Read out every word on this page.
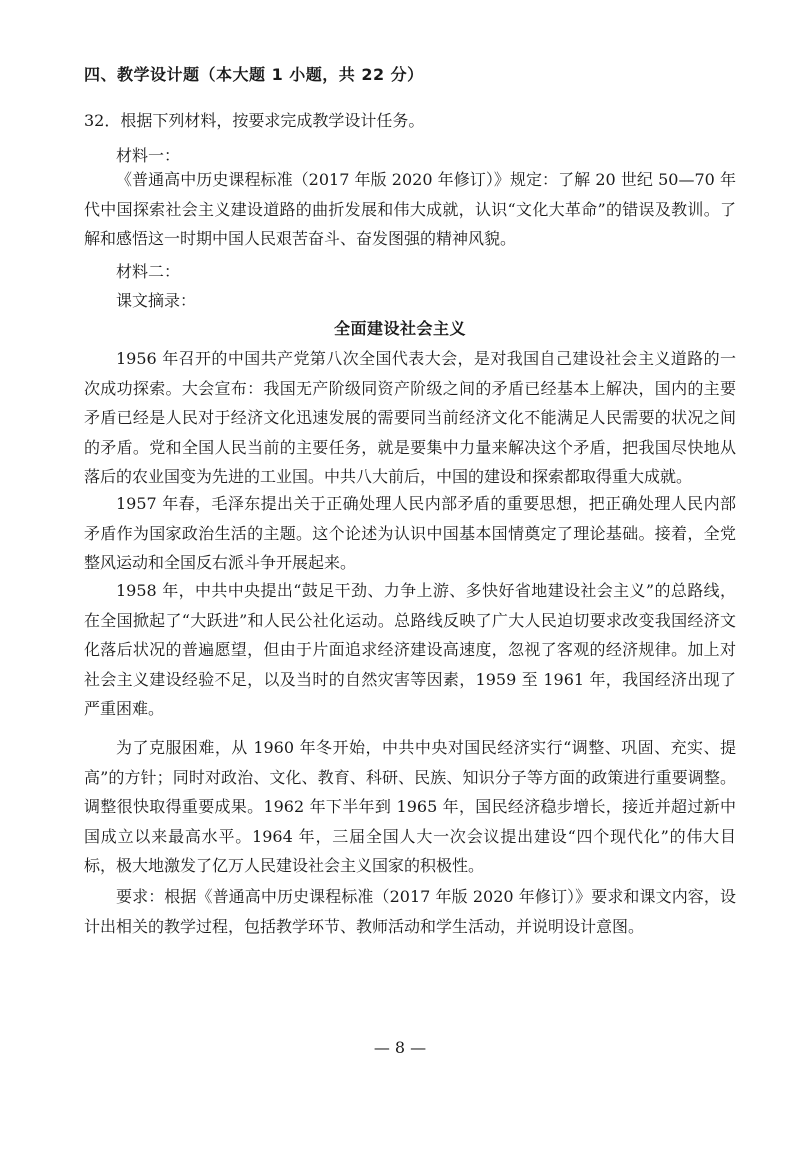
四、教学设计题（本大题 1 小题，共 22 分）
32．根据下列材料，按要求完成教学设计任务。
材料一：

《普通高中历史课程标准（2017 年版 2020 年修订）》规定：了解 20 世纪 50—70 年代中国探索社会主义建设道路的曲折发展和伟大成就，认识“文化大革命”的错误及教训。了解和感悟这一时期中国人民艰苦奋斗、奋发图强的精神风貌。

材料二：
课文摘录：
全面建设社会主义

1956 年召开的中国共产党第八次全国代表大会，是对我国自己建设社会主义道路的一次成功探索。大会宣布：我国无产阶级同资产阶级之间的矛盾已经基本上解决，国内的主要矛盾已经是人民对于经济文化迅速发展的需要同当前经济文化不能满足人民需要的状况之间的矛盾。党和全国人民当前的主要任务，就是要集中力量来解决这个矛盾，把我国尽快地从落后的农业国变为先进的工业国。中共八大前后，中国的建设和探索都取得重大成就。

1957 年春，毛泽东提出关于正确处理人民内部矛盾的重要思想，把正确处理人民内部矛盾作为国家政治生活的主题。这个论述为认识中国基本国情奠定了理论基础。接着，全党整风运动和全国反右派斗争开展起来。

1958 年，中共中央提出“鼓足干劲、力争上游、多快好省地建设社会主义”的总路线，在全国掀起了“大跃进”和人民公社化运动。总路线反映了广大人民迫切要求改变我国经济文化落后状况的普遍愿望，但由于片面追求经济建设高速度，忽视了客观的经济规律。加上对社会主义建设经验不足，以及当时的自然灾害等因素，1959 至 1961 年，我国经济出现了严重困难。

为了克服困难，从 1960 年冬开始，中共中央对国民经济实行“调整、巩固、充实、提高”的方针；同时对政治、文化、教育、科研、民族、知识分子等方面的政策进行重要调整。调整很快取得重要成果。1962 年下半年到 1965 年，国民经济稳步增长，接近并超过新中国成立以来最高水平。1964 年，三届全国人大一次会议提出建设“四个现代化”的伟大目标，极大地激发了亿万人民建设社会主义国家的积极性。

要求：根据《普通高中历史课程标准（2017 年版 2020 年修订）》要求和课文内容，设计出相关的教学过程，包括教学环节、教师活动和学生活动，并说明设计意图。

— 8 —
